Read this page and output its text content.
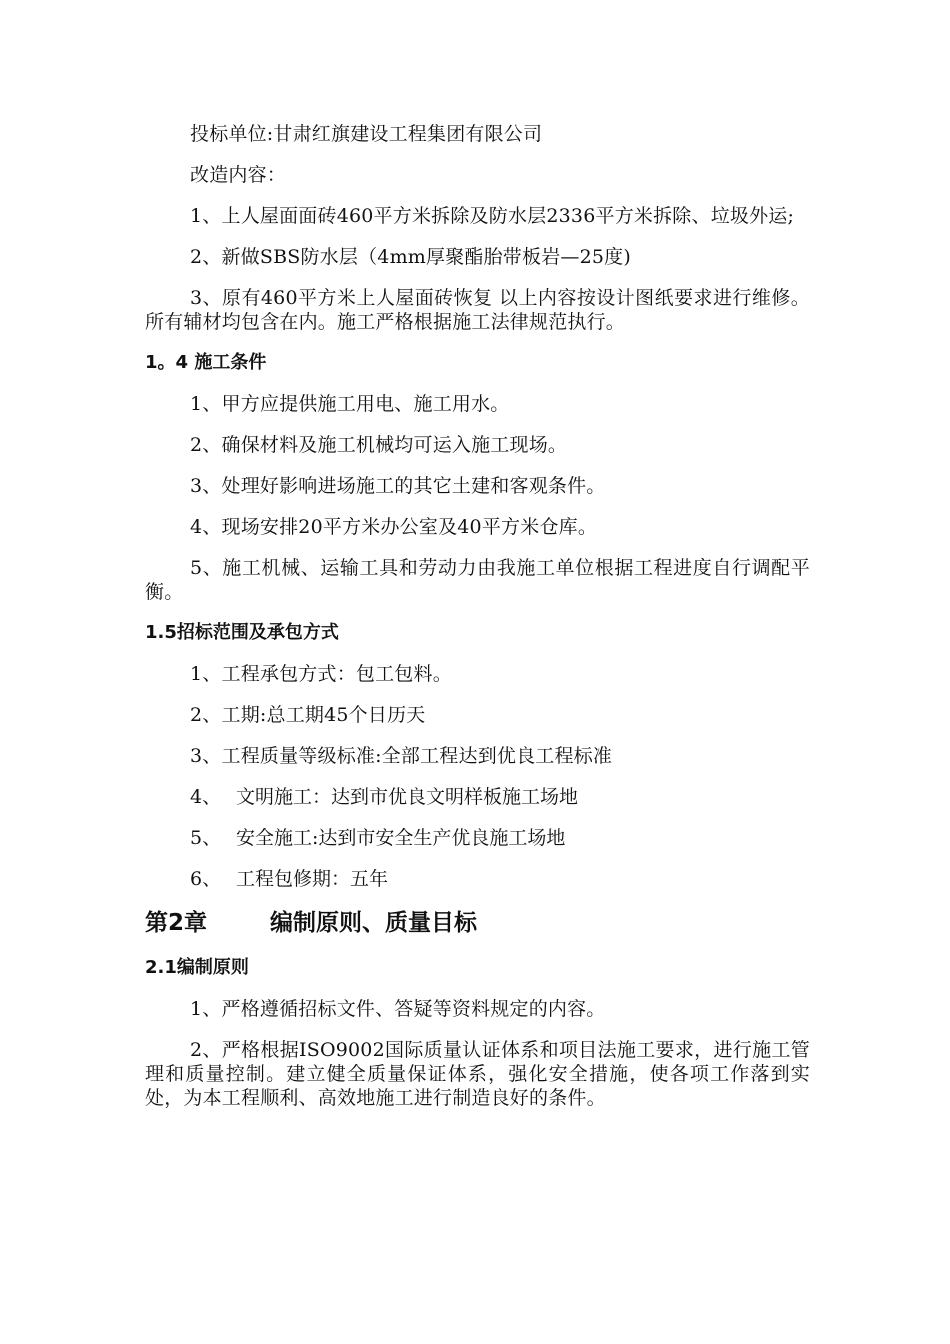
投标单位:甘肃红旗建设工程集团有限公司

改造内容：

1、上人屋面面砖460平方米拆除及防水层2336平方米拆除、垃圾外运;

2、新做SBS防水层（4mm厚聚酯胎带板岩—25度)

3、原有460平方米上人屋面砖恢复 以上内容按设计图纸要求进行维修。所有辅材均包含在内。施工严格根据施工法律规范执行。

1。4 施工条件

1、甲方应提供施工用电、施工用水。

2、确保材料及施工机械均可运入施工现场。

3、处理好影响进场施工的其它土建和客观条件。

4、现场安排20平方米办公室及40平方米仓库。

5、施工机械、运输工具和劳动力由我施工单位根据工程进度自行调配平衡。

1.5招标范围及承包方式

1、工程承包方式：包工包料。

2、工期:总工期45个日历天

3、工程质量等级标准:全部工程达到优良工程标准

4、 文明施工：达到市优良文明样板施工场地
5、 安全施工:达到市安全生产优良施工场地
6、 工程包修期：五年
第2章	编制原则、质量目标
2.1编制原则

1、严格遵循招标文件、答疑等资料规定的内容。

2、严格根据ISO9002国际质量认证体系和项目法施工要求，进行施工管理和质量控制。建立健全质量保证体系，强化安全措施，使各项工作落到实处，为本工程顺利、高效地施工进行制造良好的条件。
